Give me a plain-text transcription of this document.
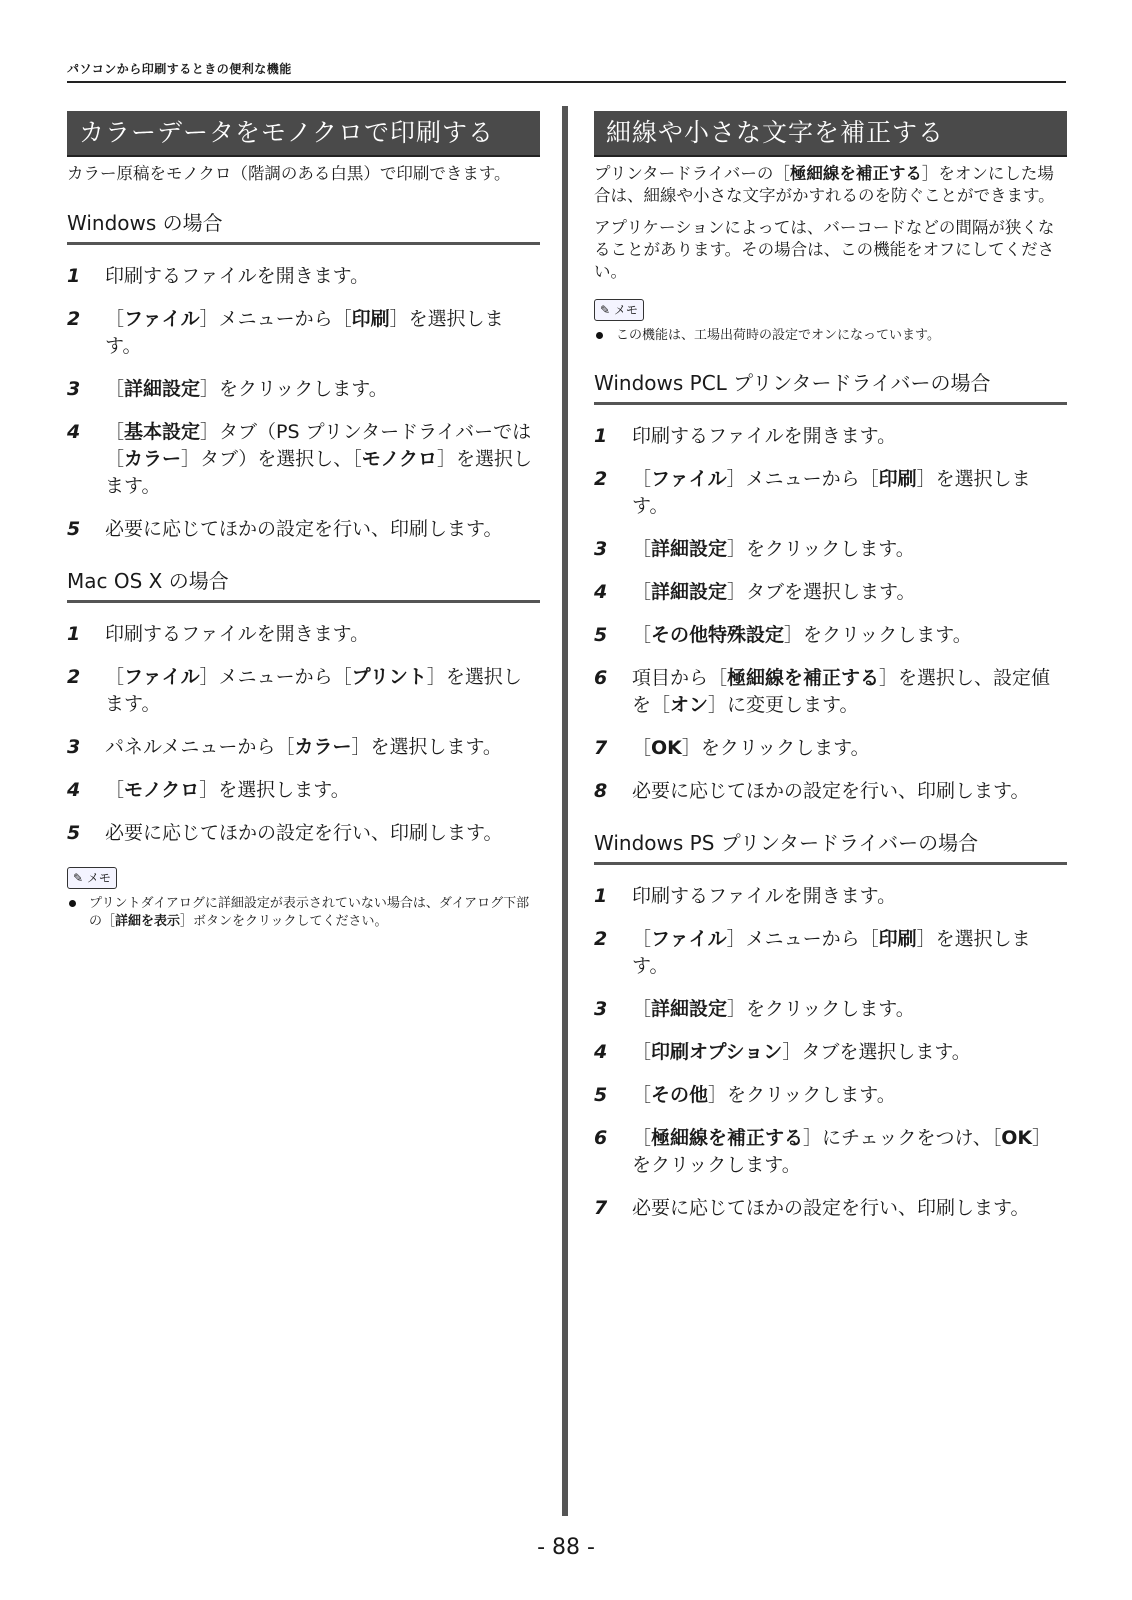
パソコンから印刷するときの便利な機能
カラーデータをモノクロで印刷する
カラー原稿をモノクロ（階調のある白黒）で印刷できます。
Windows の場合
1 印刷するファイルを開きます。
2 ［ファイル］メニューから［印刷］を選択します。
3 ［詳細設定］をクリックします。
4 ［基本設定］タブ（PS プリンタードライバーでは［カラー］タブ）を選択し、［モノクロ］を選択します。
5 必要に応じてほかの設定を行い、印刷します。
Mac OS X の場合
1 印刷するファイルを開きます。
2 ［ファイル］メニューから［プリント］を選択します。
3 パネルメニューから［カラー］を選択します。
4 ［モノクロ］を選択します。
5 必要に応じてほかの設定を行い、印刷します。
✎ メモ
プリントダイアログに詳細設定が表示されていない場合は、ダイアログ下部の［詳細を表示］ボタンをクリックしてください。
細線や小さな文字を補正する
プリンタードライバーの［極細線を補正する］をオンにした場合は、細線や小さな文字がかすれるのを防ぐことができます。
アプリケーションによっては、バーコードなどの間隔が狭くなることがあります。その場合は、この機能をオフにしてください。
✎ メモ
この機能は、工場出荷時の設定でオンになっています。
Windows PCL プリンタードライバーの場合
1 印刷するファイルを開きます。
2 ［ファイル］メニューから［印刷］を選択します。
3 ［詳細設定］をクリックします。
4 ［詳細設定］タブを選択します。
5 ［その他特殊設定］をクリックします。
6 項目から［極細線を補正する］を選択し、設定値を［オン］に変更します。
7 ［OK］をクリックします。
8 必要に応じてほかの設定を行い、印刷します。
Windows PS プリンタードライバーの場合
1 印刷するファイルを開きます。
2 ［ファイル］メニューから［印刷］を選択します。
3 ［詳細設定］をクリックします。
4 ［印刷オプション］タブを選択します。
5 ［その他］をクリックします。
6 ［極細線を補正する］にチェックをつけ、［OK］をクリックします。
7 必要に応じてほかの設定を行い、印刷します。
- 88 -
